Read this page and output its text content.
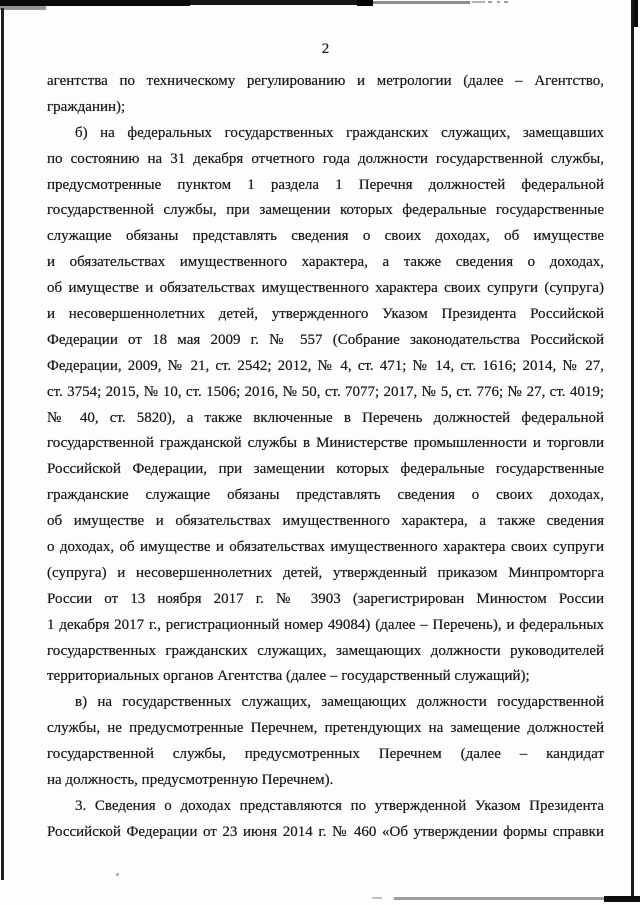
2
агентства по техническому регулированию и метрологии (далее – Агентство,
гражданин);
б) на федеральных государственных гражданских служащих, замещавших
по состоянию на 31 декабря отчетного года должности государственной службы,
предусмотренные пунктом 1 раздела 1 Перечня должностей федеральной
государственной службы, при замещении которых федеральные государственные
служащие обязаны представлять сведения о своих доходах, об имуществе
и обязательствах имущественного характера, а также сведения о доходах,
об имуществе и обязательствах имущественного характера своих супруги (супруга)
и несовершеннолетних детей, утвержденного Указом Президента Российской
Федерации от 18 мая 2009 г. № 557 (Собрание законодательства Российской
Федерации, 2009, № 21, ст. 2542; 2012, № 4, ст. 471; № 14, ст. 1616; 2014, № 27,
ст. 3754; 2015, № 10, ст. 1506; 2016, № 50, ст. 7077; 2017, № 5, ст. 776; № 27, ст. 4019;
№ 40, ст. 5820), а также включенные в Перечень должностей федеральной
государственной гражданской службы в Министерстве промышленности и торговли
Российской Федерации, при замещении которых федеральные государственные
гражданские служащие обязаны представлять сведения о своих доходах,
об имуществе и обязательствах имущественного характера, а также сведения
о доходах, об имуществе и обязательствах имущественного характера своих супруги
(супруга) и несовершеннолетних детей, утвержденный приказом Минпромторга
России от 13 ноября 2017 г. № 3903 (зарегистрирован Минюстом России
1 декабря 2017 г., регистрационный номер 49084) (далее – Перечень), и федеральных
государственных гражданских служащих, замещающих должности руководителей
территориальных органов Агентства (далее – государственный служащий);
в) на государственных служащих, замещающих должности государственной
службы, не предусмотренные Перечнем, претендующих на замещение должностей
государственной службы, предусмотренных Перечнем (далее – кандидат
на должность, предусмотренную Перечнем).
3. Сведения о доходах представляются по утвержденной Указом Президента
Российской Федерации от 23 июня 2014 г. № 460 «Об утверждении формы справки
